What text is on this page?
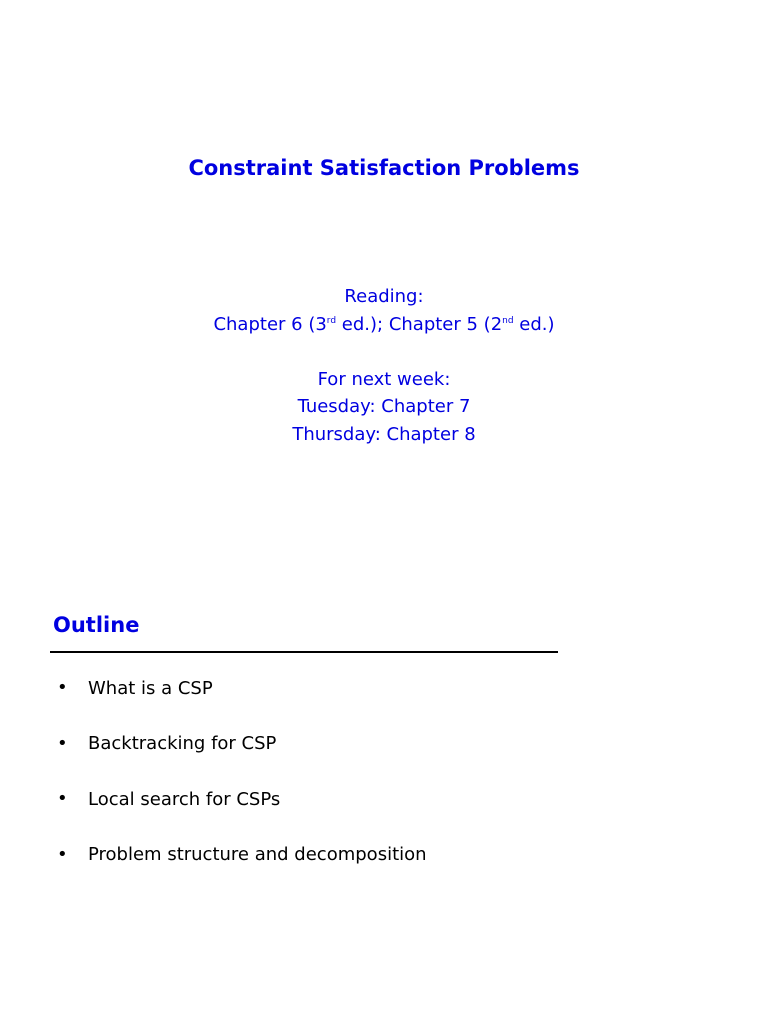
Constraint Satisfaction Problems
Reading:
Chapter 6 (3rd ed.); Chapter 5 (2nd ed.)
For next week:
Tuesday: Chapter 7
Thursday: Chapter 8
Outline
•	What is a CSP
•	Backtracking for CSP
•	Local search for CSPs
•	Problem structure and decomposition
